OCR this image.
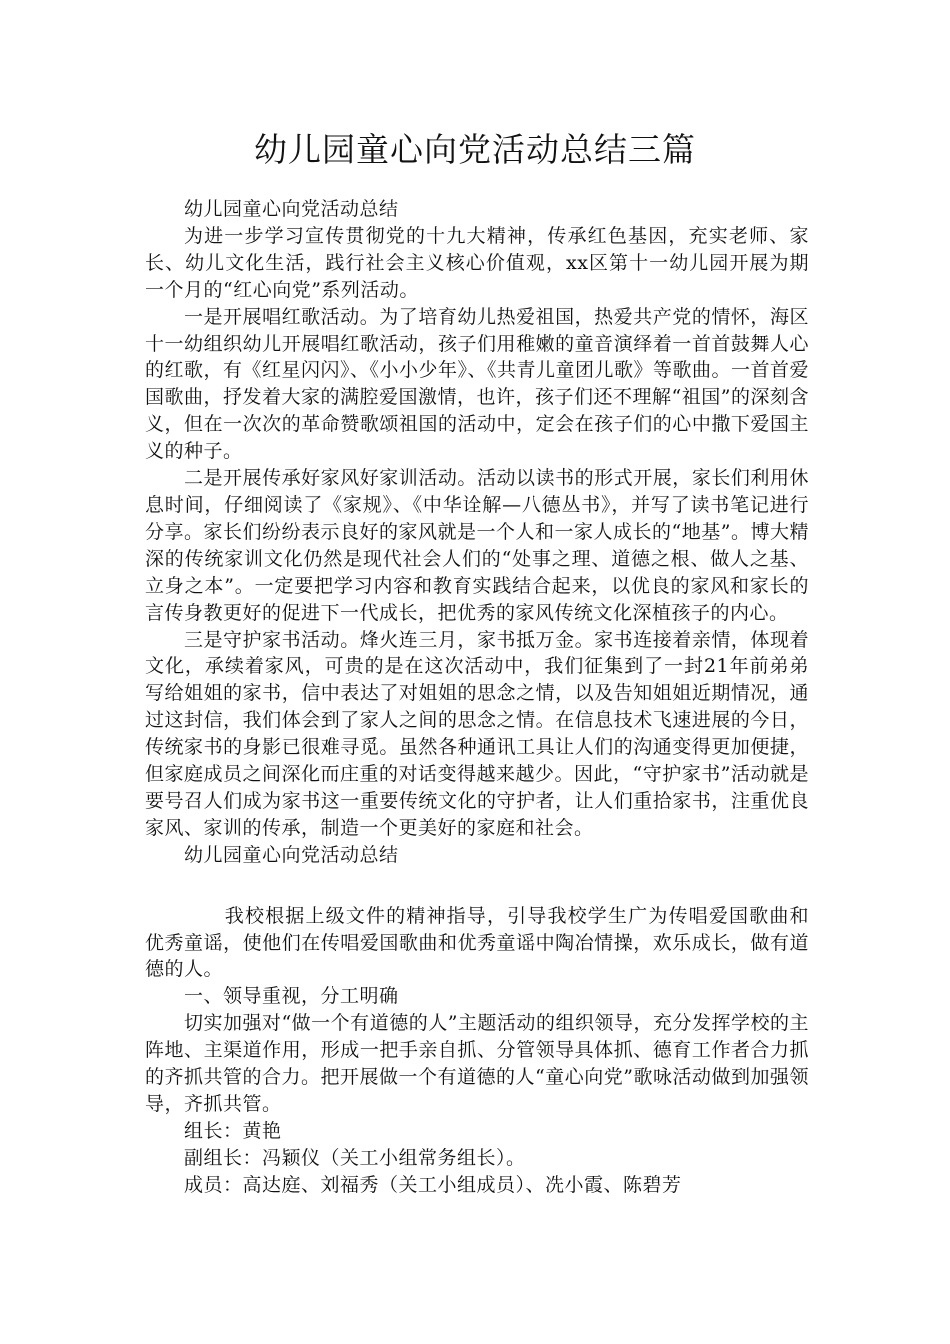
幼儿园童心向党活动总结三篇

幼儿园童心向党活动总结

为进一步学习宣传贯彻党的十九大精神，传承红色基因，充实老师、家长、幼儿文化生活，践行社会主义核心价值观，xx区第十一幼儿园开展为期一个月的“红心向党”系列活动。

一是开展唱红歌活动。为了培育幼儿热爱祖国，热爱共产党的情怀，海区十一幼组织幼儿开展唱红歌活动，孩子们用稚嫩的童音演绎着一首首鼓舞人心的红歌，有《红星闪闪》、《小小少年》、《共青儿童团儿歌》等歌曲。一首首爱国歌曲，抒发着大家的满腔爱国激情，也许，孩子们还不理解“祖国”的深刻含义，但在一次次的革命赞歌颂祖国的活动中，定会在孩子们的心中撒下爱国主义的种子。

二是开展传承好家风好家训活动。活动以读书的形式开展，家长们利用休息时间，仔细阅读了《家规》、《中华诠解—八德丛书》，并写了读书笔记进行分享。家长们纷纷表示良好的家风就是一个人和一家人成长的“地基”。博大精深的传统家训文化仍然是现代社会人们的“处事之理、道德之根、做人之基、立身之本”。一定要把学习内容和教育实践结合起来，以优良的家风和家长的言传身教更好的促进下一代成长，把优秀的家风传统文化深植孩子的内心。

三是守护家书活动。烽火连三月，家书抵万金。家书连接着亲情，体现着文化，承续着家风，可贵的是在这次活动中，我们征集到了一封21年前弟弟写给姐姐的家书，信中表达了对姐姐的思念之情，以及告知姐姐近期情况，通过这封信，我们体会到了家人之间的思念之情。在信息技术飞速进展的今日，传统家书的身影已很难寻觅。虽然各种通讯工具让人们的沟通变得更加便捷，但家庭成员之间深化而庄重的对话变得越来越少。因此，“守护家书”活动就是要号召人们成为家书这一重要传统文化的守护者，让人们重拾家书，注重优良家风、家训的传承，制造一个更美好的家庭和社会。

幼儿园童心向党活动总结

我校根据上级文件的精神指导，引导我校学生广为传唱爱国歌曲和优秀童谣，使他们在传唱爱国歌曲和优秀童谣中陶冶情操，欢乐成长，做有道德的人。

一、领导重视，分工明确

切实加强对“做一个有道德的人”主题活动的组织领导，充分发挥学校的主阵地、主渠道作用，形成一把手亲自抓、分管领导具体抓、德育工作者合力抓的齐抓共管的合力。把开展做一个有道德的人“童心向党”歌咏活动做到加强领导，齐抓共管。

组长：黄艳

副组长：冯颖仪（关工小组常务组长）。

成员：高达庭、刘福秀（关工小组成员）、冼小霞、陈碧芳
